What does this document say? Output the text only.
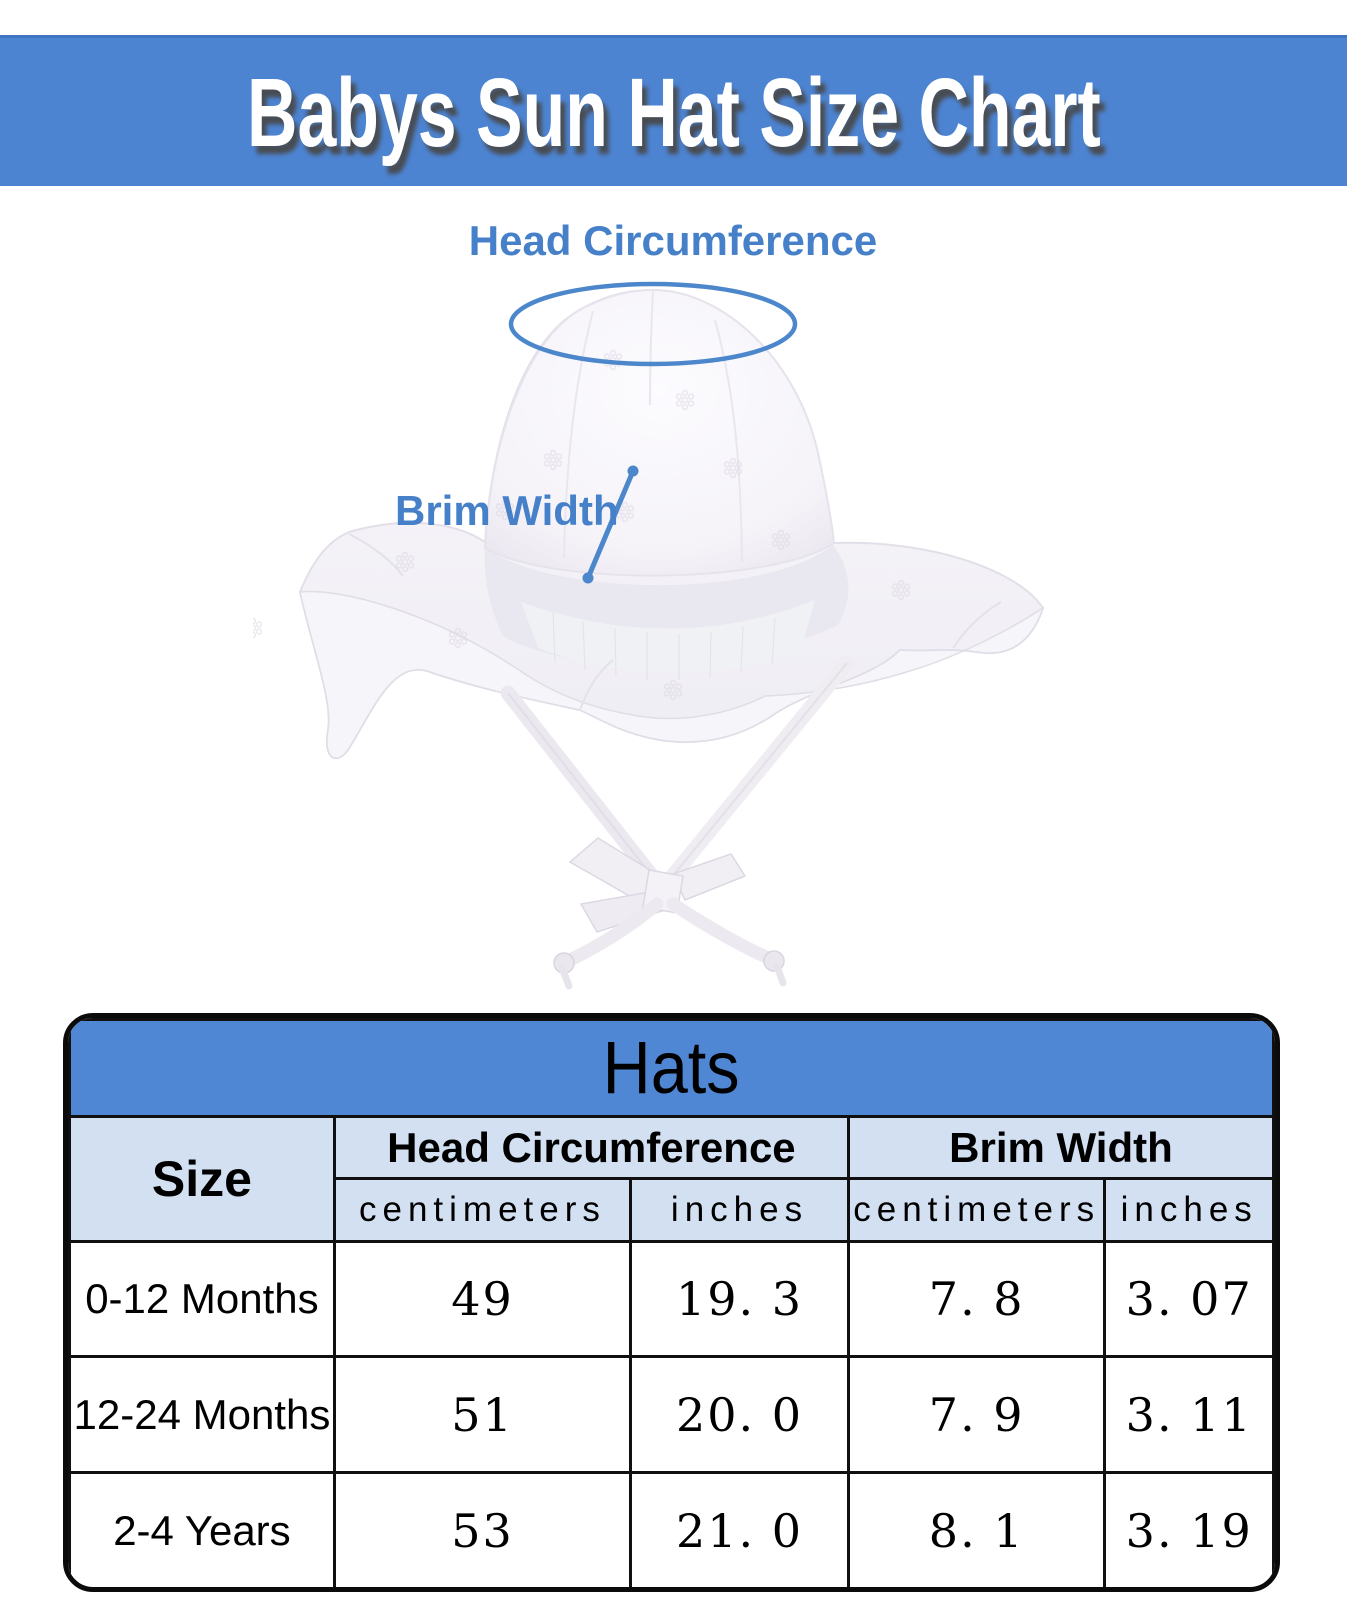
Babys Sun Hat Size Chart
Head Circumference
Brim Width
Hats				
Size	Head Circumference		Brim Width	
	centimeters	inches	centimeters	inches
0-12 Months	49	19. 3	7. 8	3. 07
12-24 Months	51	20. 0	7. 9	3. 11
2-4 Years	53	21. 0	8. 1	3. 19
